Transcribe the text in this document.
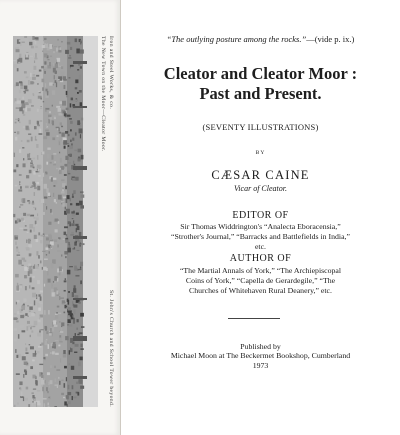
Iron and Steel Works, & co.
St. John's Church and School Tower beyond.
The New Town on the Moor—Cleator Moor.	“The outlying posture among the rocks.”—(vide p. ix.)
Cleator and Cleator Moor :
Past and Present.
(SEVENTY ILLUSTRATIONS)
BY
CÆSAR CAINE
Vicar of Cleator.
EDITOR OF
Sir Thomas Widdrington's “Analecta Eboracensia,”
“Strother's Journal,” “Barracks and Battlefields in India,”
etc.
AUTHOR OF
“The Martial Annals of York,” “The Archiepiscopal
Coins of York,” “Capella de Gerardegile,” “The
Churches of Whitehaven Rural Deanery,” etc.
Published by
Michael Moon at The Beckermet Bookshop, Cumberland
1973
